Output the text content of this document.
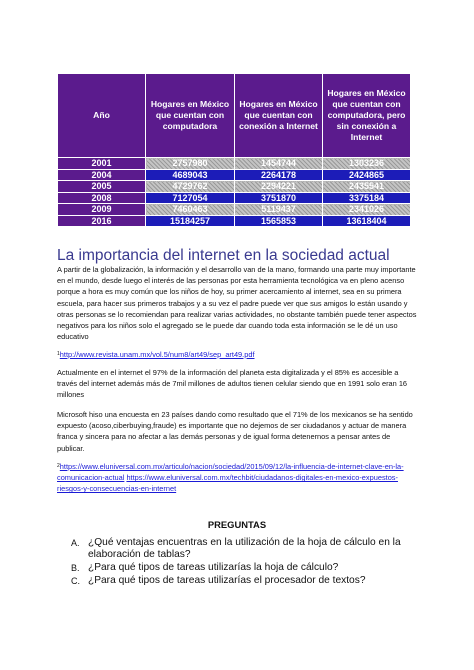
Año	Hogares en México que cuentan con computadora	Hogares en México que cuentan con conexión a Internet	Hogares en México que cuentan con computadora, pero sin conexión a Internet
2001	2757980	1454744	1303236
2004	4689043	2264178	2424865
2005	4729762	2294221	2435541
2008	7127054	3751870	3375184
2009	7460463	5119437	2341026
2016	15184257	1565853	13618404
La importancia del internet en la sociedad actual

A partir de la globalización, la información y el desarrollo van de la mano, formando una parte muy importante en el mundo, desde luego el interés de las personas por esta herramienta tecnológica va en pleno acenso porque a hora es muy común que los niños de hoy, su primer acercamiento al internet, sea en su primera escuela, para hacer sus primeros trabajos y a su vez el padre puede ver que sus amigos lo están usando y otras personas se lo recomiendan para realizar varias actividades, no obstante también puede tener aspectos negativos para los niños solo el agregado se le puede dar cuando toda esta información se le dé un uso educativo

$^1$http://www.revista.unam.mx/vol.5/num8/art49/sep_art49.pdf

Actualmente en el internet el 97% de la información del planeta esta digitalizada y el 85% es accesible a través del internet además más de 7mil millones de adultos tienen celular siendo que en 1991 solo eran 16 millones

Microsoft hiso una encuesta en 23 países dando como resultado que el 71% de los mexicanos se ha sentido expuesto (acoso,ciberbuying,fraude) es importante que no dejemos de ser ciudadanos y actuar de manera franca y sincera para no afectar a las demás personas y de igual forma detenernos a pensar antes de publicar.

$^2$https://www.eluniversal.com.mx/articulo/nacion/sociedad/2015/09/12/la-influencia-de-internet-clave-en-la-comunicacion-actual https://www.eluniversal.com.mx/techbit/ciudadanos-digitales-en-mexico-expuestos-riesgos-y-consecuencias-en-internet

PREGUNTAS
A. ¿Qué ventajas encuentras en la utilización de la hoja de cálculo en la elaboración de tablas?
B. ¿Para qué tipos de tareas utilizarías la hoja de cálculo?
C. ¿Para qué tipos de tareas utilizarías el procesador de textos?
